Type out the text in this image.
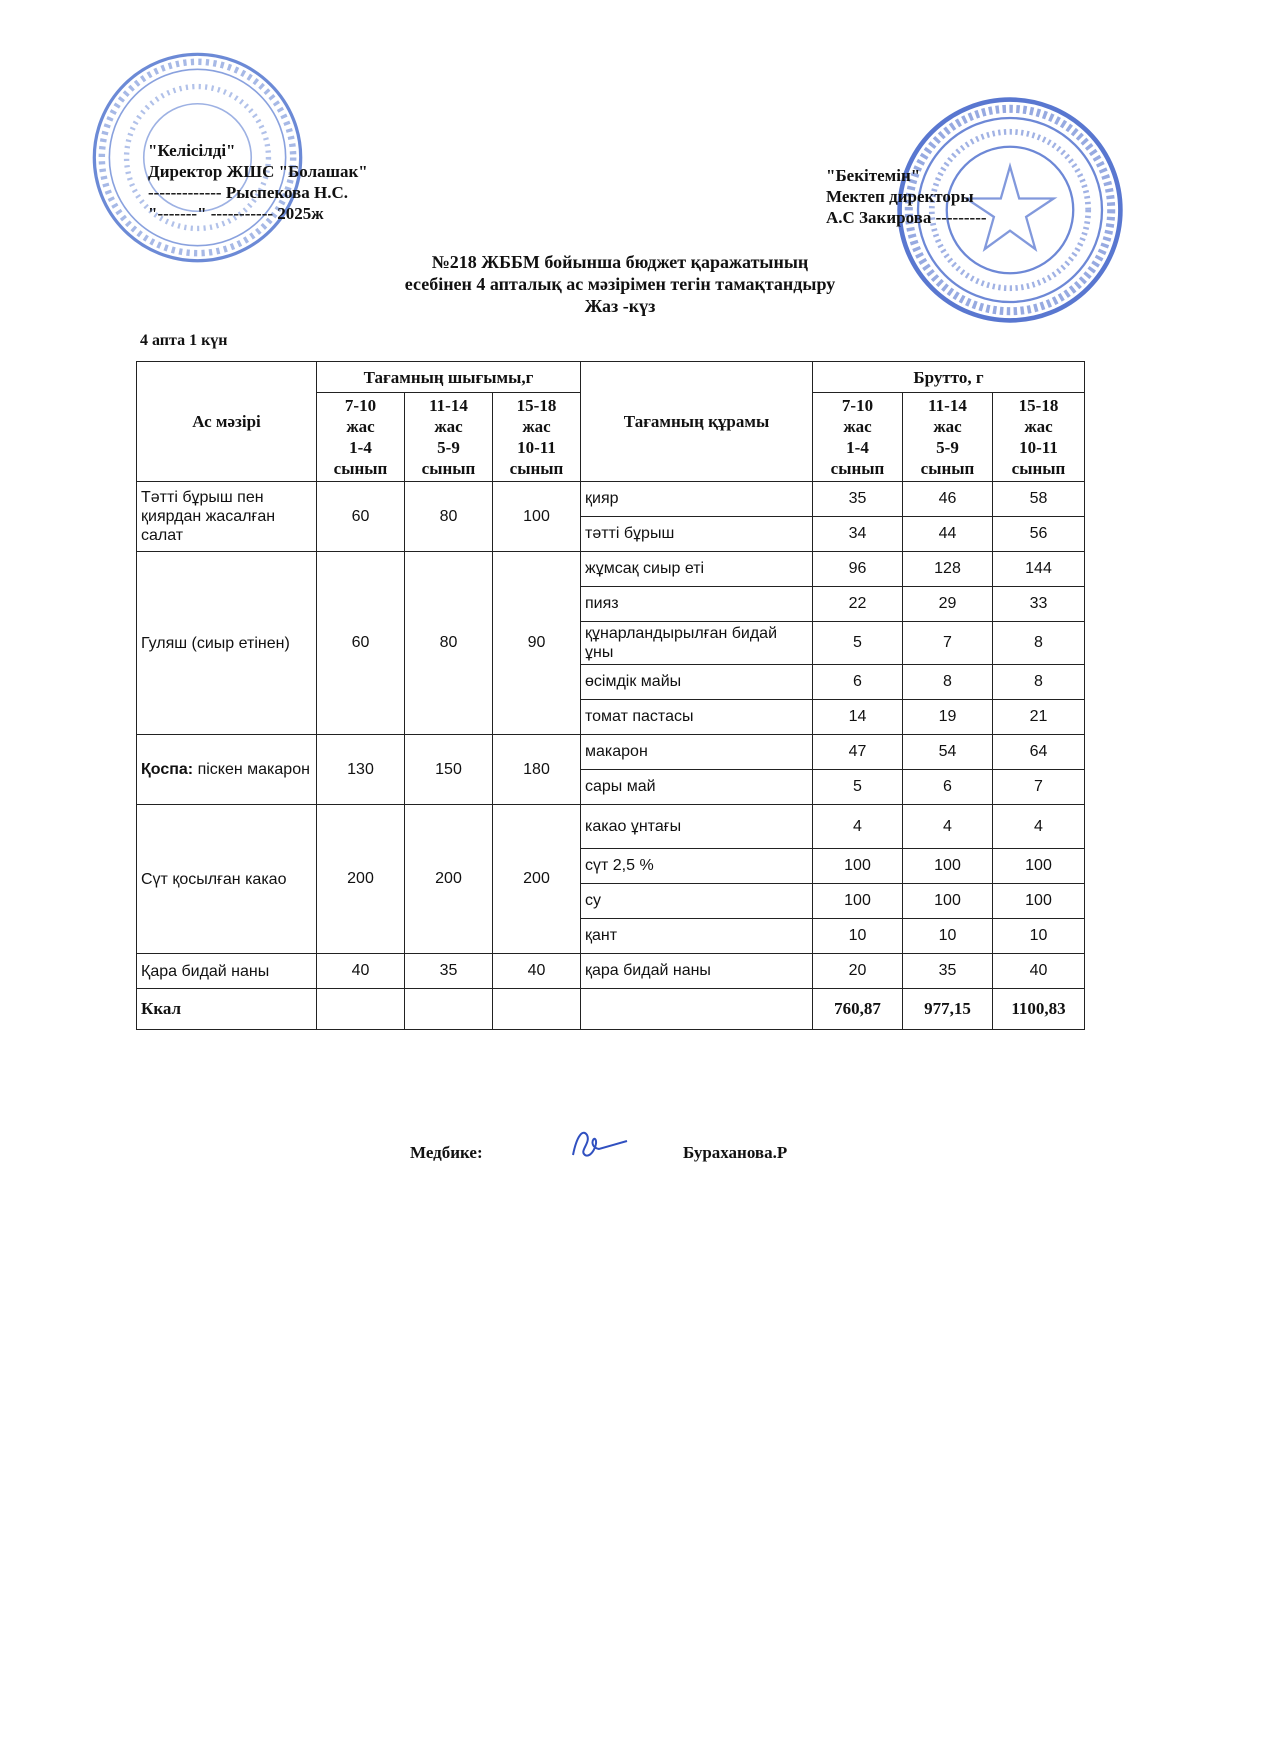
"Келісілді"
Директор ЖШС "Болашак"
------------- Рыспекова Н.С.
"-------" ----------- 2025ж
"Бекітемін"
Мектеп директоры
А.С Закирова ---------
№218 ЖББМ бойынша бюджет қаражатының
есебінен 4 апталық ас мәзірімен тегін тамақтандыру
Жаз -күз
4 апта 1 күн
Ас мәзірі	Тағамның шығымы,г			Тағамның құрамы	Брутто, г		
	7-10
жас
1-4
сынып	11-14
жас
5-9
сынып	15-18
жас
10-11
сынып		7-10
жас
1-4
сынып	11-14
жас
5-9
сынып	15-18
жас
10-11
сынып
Тәтті бұрыш пен қиярдан жасалған салат	60	80	100	қияр	35	46	58
				тәтті бұрыш	34	44	56
Гуляш (сиыр етінен)	60	80	90	жұмсақ сиыр еті	96	128	144
				пияз	22	29	33
				құнарландырылған бидай ұны	5	7	8
				өсімдік майы	6	8	8
				томат пастасы	14	19	21
Қоспа: піскен макарон	130	150	180	макарон	47	54	64
				сары май	5	6	7
Сүт қосылған какао	200	200	200	какао ұнтағы	4	4	4
				сүт 2,5 %	100	100	100
				су	100	100	100
				қант	10	10	10
Қара бидай наны	40	35	40	қара бидай наны	20	35	40
Ккал					760,87	977,15	1100,83
Медбике:	Бураханова.Р
